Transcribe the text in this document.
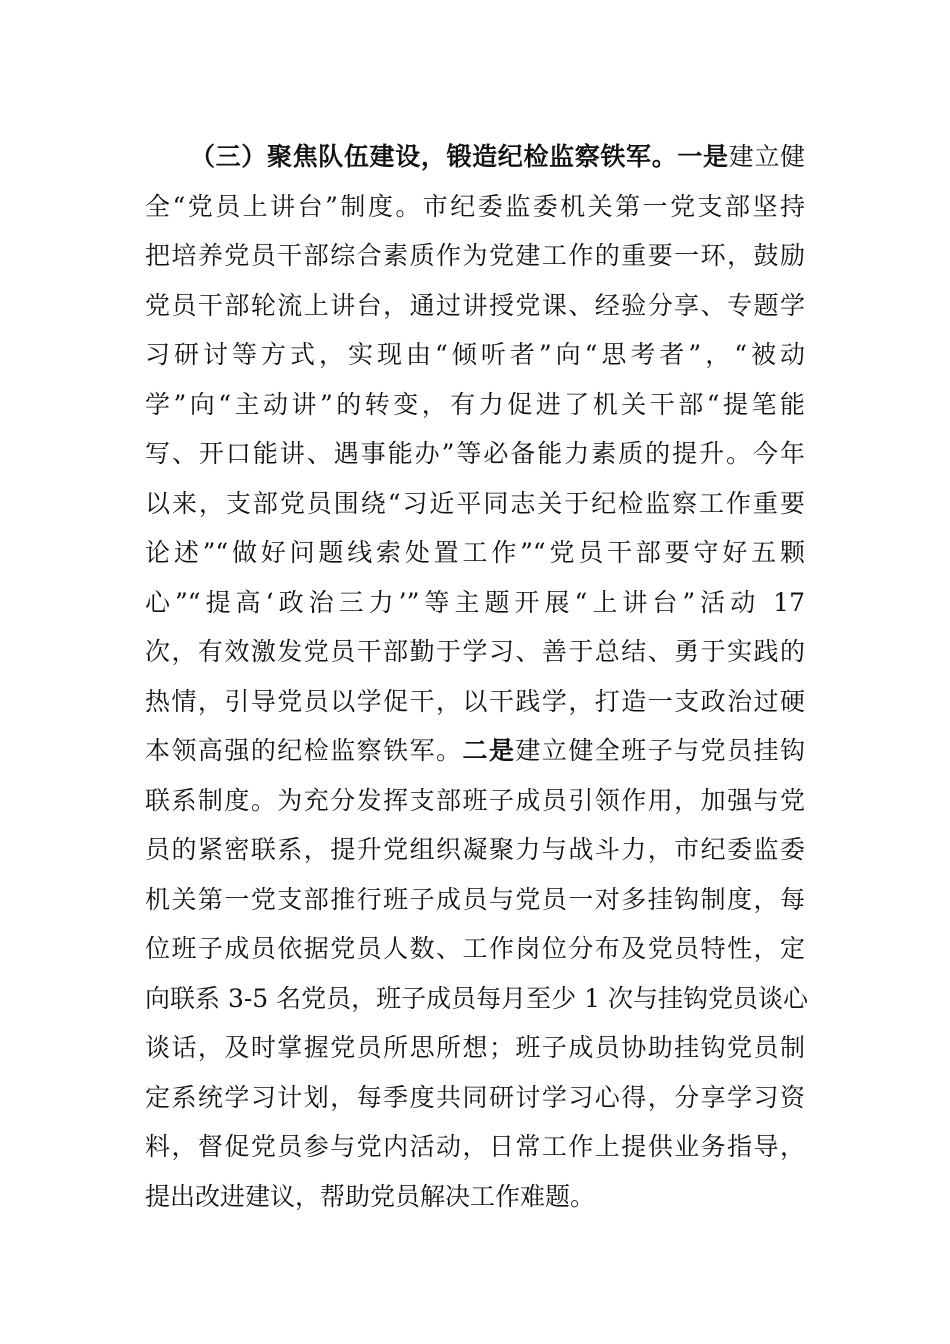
（三）聚焦队伍建设，锻造纪检监察铁军。一是建立健
全“党员上讲台”制度。市纪委监委机关第一党支部坚持
把培养党员干部综合素质作为党建工作的重要一环，鼓励
党员干部轮流上讲台，通过讲授党课、经验分享、专题学
习研讨等方式，实现由“倾听者”向“思考者”，“被动
学”向“主动讲”的转变，有力促进了机关干部“提笔能
写、开口能讲、遇事能办”等必备能力素质的提升。今年
以来，支部党员围绕“习近平同志关于纪检监察工作重要
论述”“做好问题线索处置工作”“党员干部要守好五颗
心”“提高‘政治三力’”等主题开展“上讲台”活动 17
次，有效激发党员干部勤于学习、善于总结、勇于实践的
热情，引导党员以学促干，以干践学，打造一支政治过硬
本领高强的纪检监察铁军。二是建立健全班子与党员挂钩
联系制度。为充分发挥支部班子成员引领作用，加强与党
员的紧密联系，提升党组织凝聚力与战斗力，市纪委监委
机关第一党支部推行班子成员与党员一对多挂钩制度，每
位班子成员依据党员人数、工作岗位分布及党员特性，定
向联系 3-5 名党员，班子成员每月至少 1 次与挂钩党员谈心
谈话，及时掌握党员所思所想；班子成员协助挂钩党员制
定系统学习计划，每季度共同研讨学习心得，分享学习资
料，督促党员参与党内活动，日常工作上提供业务指导，
提出改进建议，帮助党员解决工作难题。
